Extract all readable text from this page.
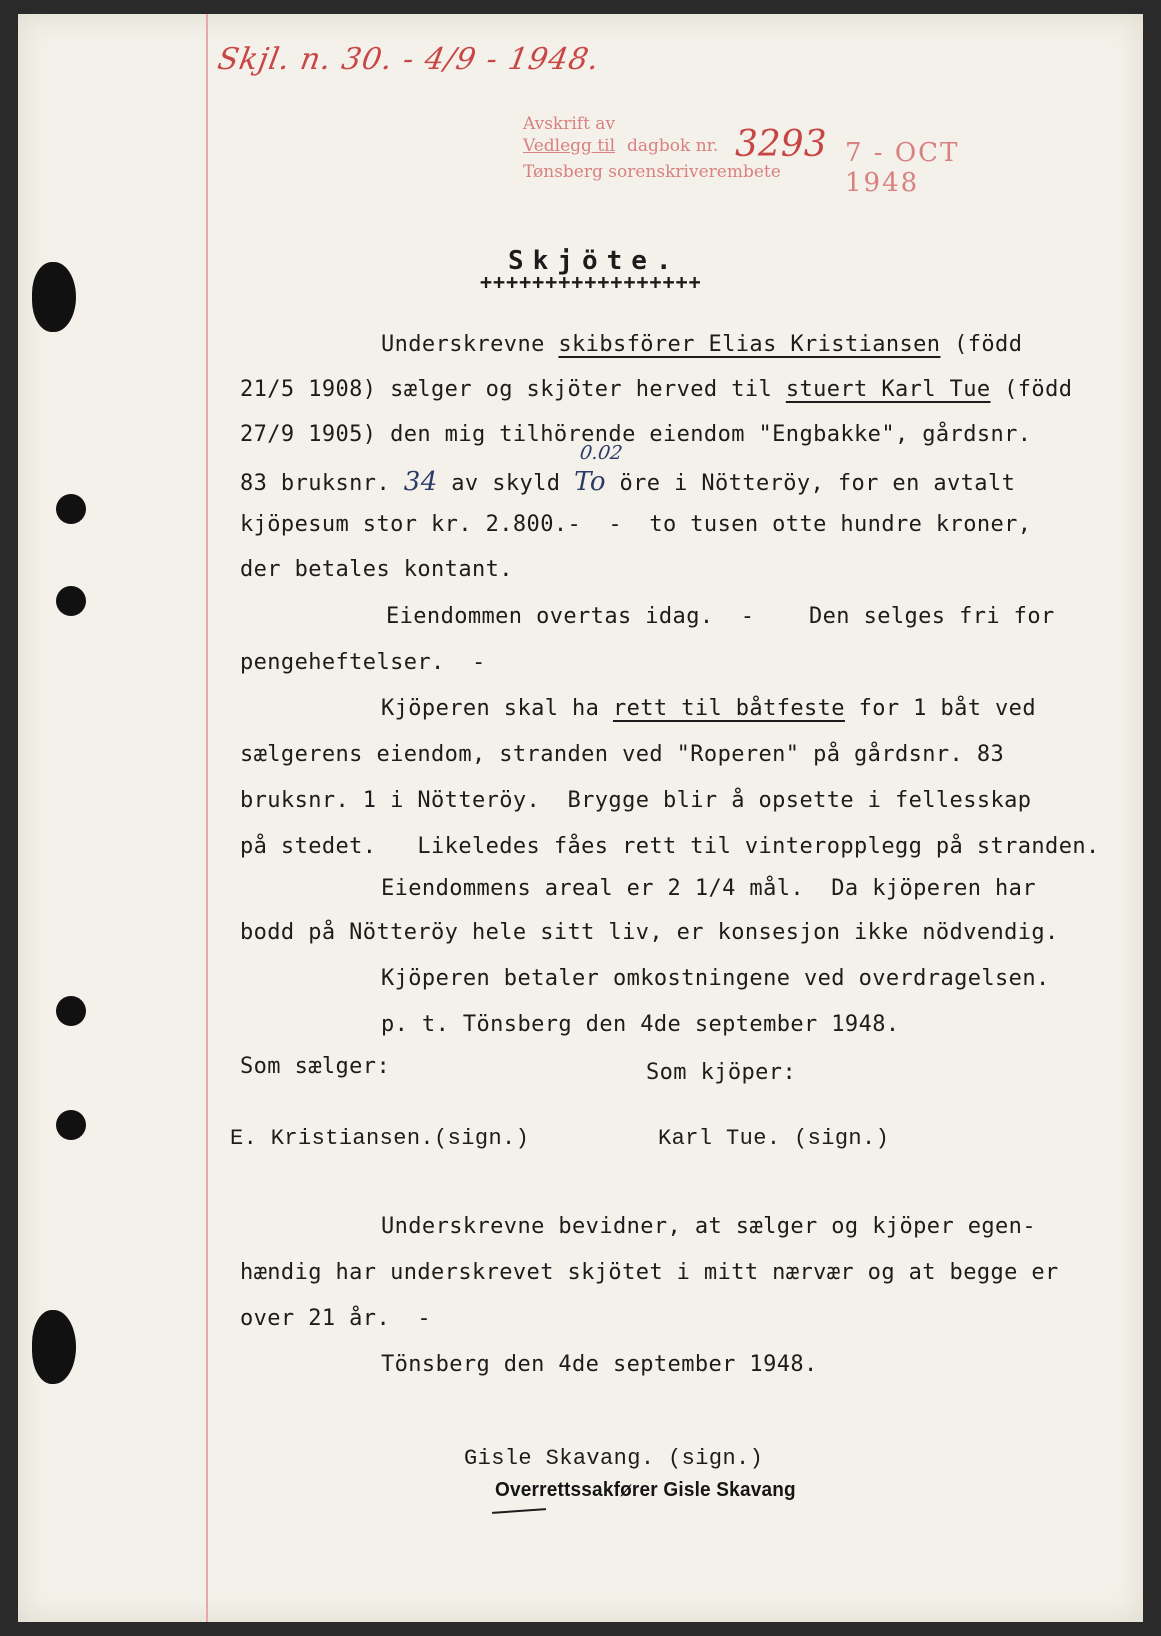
Skjl. n. 30. - 4/9 - 1948.
Avskrift av
Vedlegg til dagbok nr. 3293 7 - OCT 1948
Tønsberg sorenskriverembete
Skjöte.
+++++++++++++++++
Underskrevne skibsförer Elias Kristiansen (född
21/5 1908) sælger og skjöter herved til stuert Karl Tue (född
27/9 1905) den mig tilhörende eiendom "Engbakke", gårdsnr.
83 bruksnr. 34 av skyld To öre i Nötteröy, for en avtalt
0.02
kjöpesum stor kr. 2.800.-  -  to tusen otte hundre kroner,
der betales kontant.
Eiendommen overtas idag.  -    Den selges fri for
pengeheftelser.  -
Kjöperen skal ha rett til båtfeste for 1 båt ved
sælgerens eiendom, stranden ved "Roperen" på gårdsnr. 83
bruksnr. 1 i Nötteröy.  Brygge blir å opsette i fellesskap
på stedet.   Likeledes fåes rett til vinteropplegg på stranden.
Eiendommens areal er 2 1/4 mål.  Da kjöperen har
bodd på Nötteröy hele sitt liv, er konsesjon ikke nödvendig.
Kjöperen betaler omkostningene ved overdragelsen.
p. t. Tönsberg den 4de september 1948.
Som sælger:	Som kjöper:
E. Kristiansen.(sign.)	Karl Tue. (sign.)
Underskrevne bevidner, at sælger og kjöper egen-
hændig har underskrevet skjötet i mitt nærvær og at begge er
over 21 år.  -
Tönsberg den 4de september 1948.
Gisle Skavang. (sign.)
Overrettssakfører Gisle Skavang
